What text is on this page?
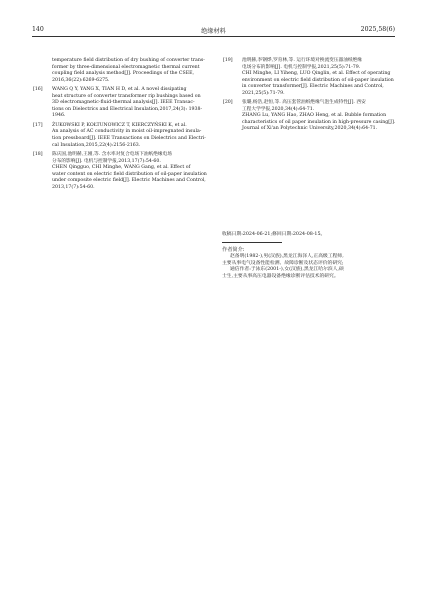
140	绝缘材料	2025,58(6)
temperature field distribution of dry bushing of converter trans-
former by three-dimensional electromagnetic thermal current
coupling field analysis method[J]. Proceedings of the CSEE,
2016,36(22):6269-6275.
[16] WANG Q Y, YANG X, TIAN H D, et al. A novel dissipating
heat structure of converter transformer rip bushings based on
3D electromagnetic-fluid-thermal analysis[J]. IEEE Transac-
tions on Dielectrics and Electrical Insulation,2017,24(3): 1938-
1946.
[17] ŻUKOWSKI P, KOŁTUNOWICZ T, KIERCZYŃSKI K, et al.
An analysis of AC conductivity in moist oil-impregnated insula-
tion pressboard[J]. IEEE Transactions on Dielectrics and Electri-
cal Insulation,2015,22(4):2156-2163.
[18] 陈庆国,池明赫,王刚,等. 含水率对复合电场下油纸绝缘电场
分布的影响[J]. 电机与控制学报,2013,17(7):54-60.
CHEN Qingguo, CHI Minghe, WANG Gang, et al. Effect of
water content on electric field distribution of oil-paper insulation
under composite electric field[J]. Electric Machines and Control,
2013,17(7):54-60.
[19] 池明赫,李钢烨,罗育林,等. 运行环境对换流变压器油纸绝缘
电场分布的影响[J]. 电机与控制学报,2021,25(5):71-79.
CHI Minghe, LI Yiheng, LUO Qinglin, et al. Effect of operating
environment on electric field distribution of oil-paper insulation
in converter transformer[J]. Electric Machines and Control,
2021,25(5):71-79.
[20] 张璐,杨浩,赵恒,等. 高压套管油纸绝缘气泡生成特性[J]. 西安
工程大学学报,2020,34(4):64-71.
ZHANG Lu, YANG Hao, ZHAO Heng, et al. Bubble formation
characteristics of oil paper insulation in high-pressure casing[J].
Journal of Xi'an Polytechnic University,2020,34(4):64-71.
收稿日期:2024-06-21;修回日期:2024-08-15。
作者简介:
赵备明(1982-),男(汉族),黑龙江海泽人,正高级工程师,
主要从事电气设备性能检测、故障诊断及状态评价的研究;
通信作者:于泳东(2001-),女(汉族),黑龙江哈尔滨人,硕
士生,主要从事高压电器设备绝缘诊断评估技术的研究。
